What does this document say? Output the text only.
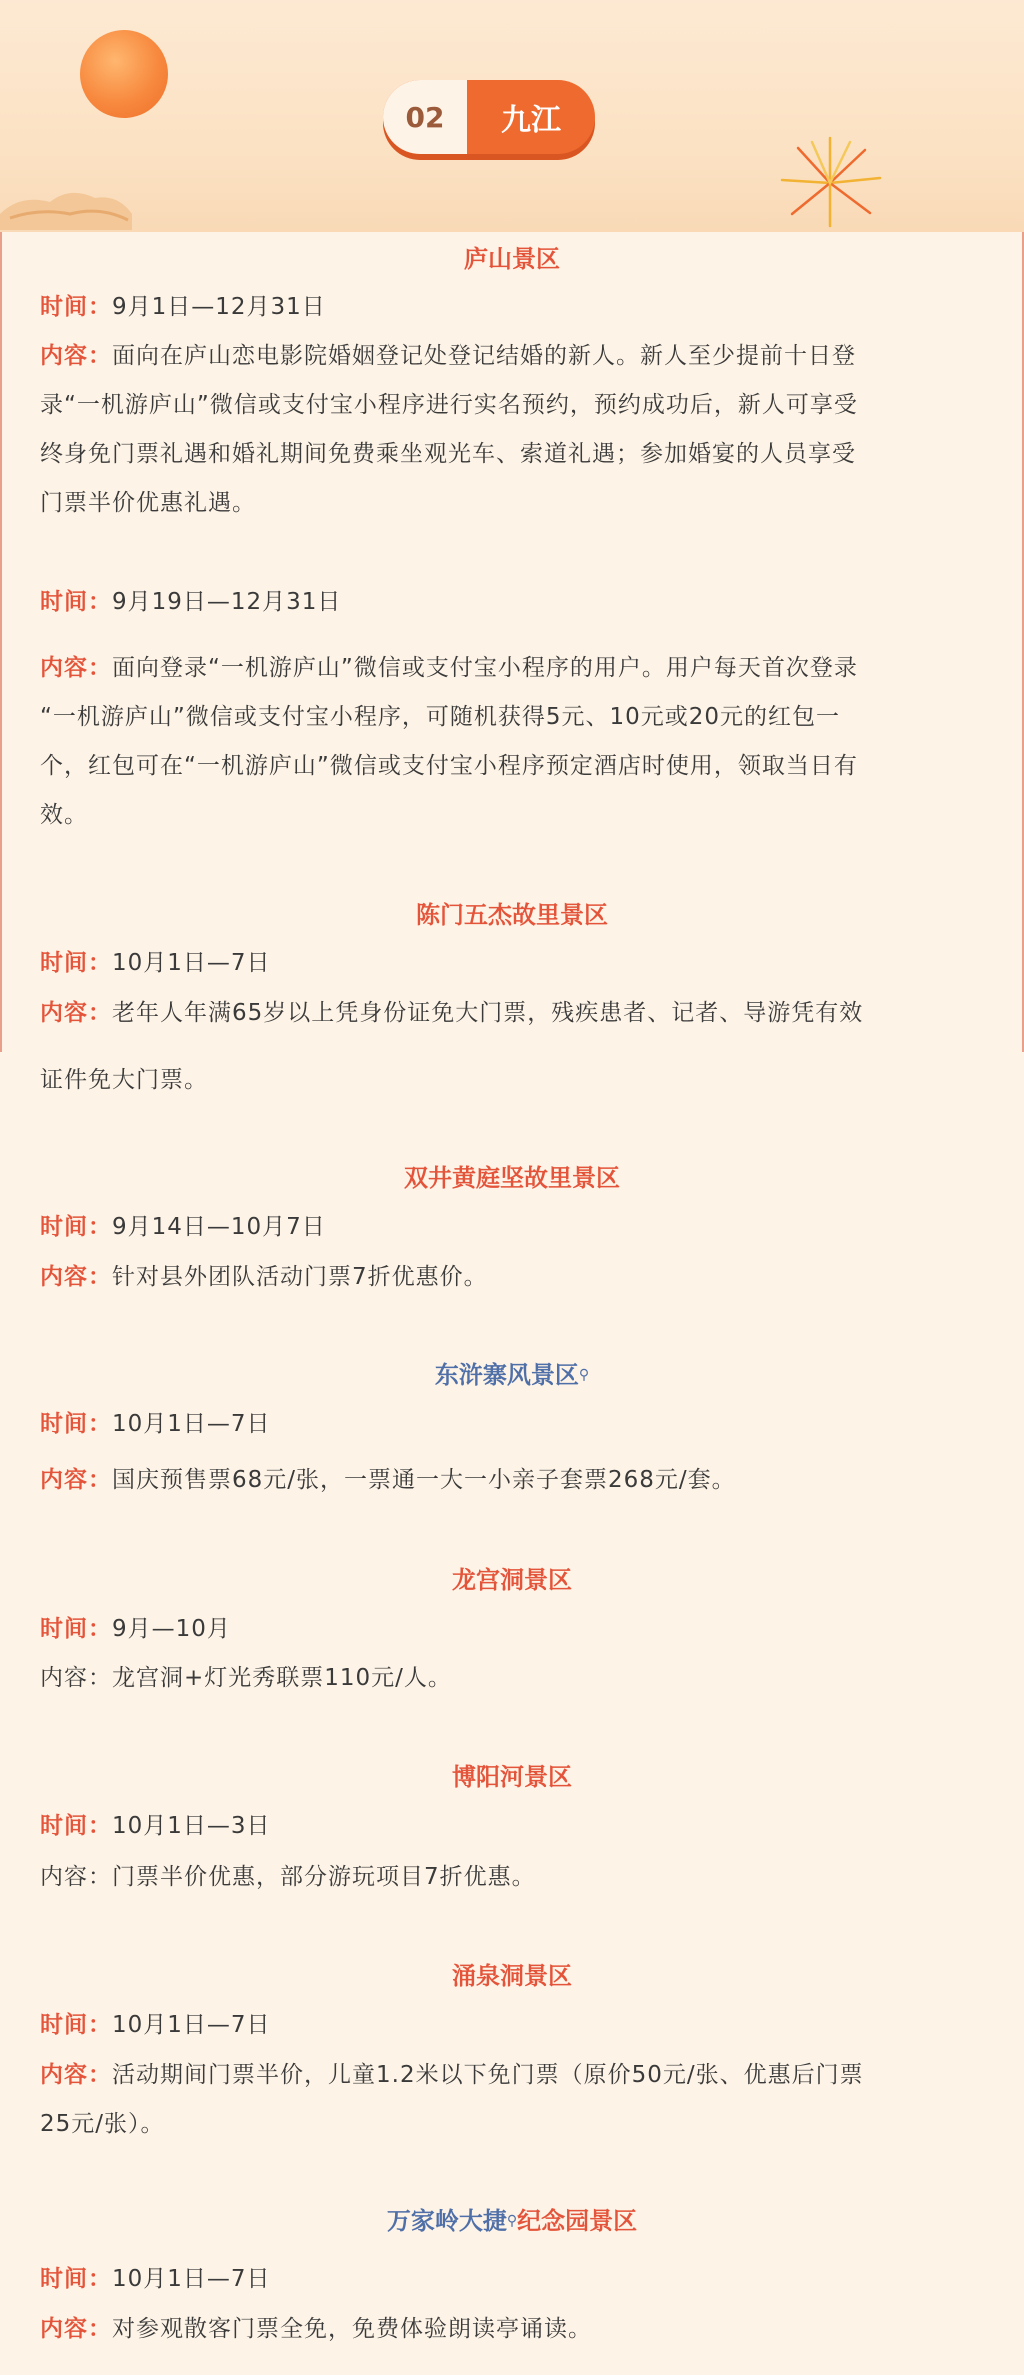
02	九江
庐山景区
时间：9月1日—12月31日
内容：面向在庐山恋电影院婚姻登记处登记结婚的新人。新人至少提前十日登
录“一机游庐山”微信或支付宝小程序进行实名预约，预约成功后，新人可享受
终身免门票礼遇和婚礼期间免费乘坐观光车、索道礼遇；参加婚宴的人员享受
门票半价优惠礼遇。
时间：9月19日—12月31日
内容：面向登录“一机游庐山”微信或支付宝小程序的用户。用户每天首次登录
“一机游庐山”微信或支付宝小程序，可随机获得5元、10元或20元的红包一
个，红包可在“一机游庐山”微信或支付宝小程序预定酒店时使用，领取当日有
效。
陈门五杰故里景区
时间：10月1日—7日
内容：老年人年满65岁以上凭身份证免大门票，残疾患者、记者、导游凭有效
证件免大门票。
双井黄庭坚故里景区
时间：9月14日—10月7日
内容：针对县外团队活动门票7折优惠价。
东浒寨风景区⚲
时间：10月1日—7日
内容：国庆预售票68元/张，一票通一大一小亲子套票268元/套。
龙宫洞景区
时间：9月—10月
内容：龙宫洞+灯光秀联票110元/人。
博阳河景区
时间：10月1日—3日
内容：门票半价优惠，部分游玩项目7折优惠。
涌泉洞景区
时间：10月1日—7日
内容：活动期间门票半价，儿童1.2米以下免门票（原价50元/张、优惠后门票
25元/张）。
万家岭大捷⚲纪念园景区
时间：10月1日—7日
内容：对参观散客门票全免，免费体验朗读亭诵读。
